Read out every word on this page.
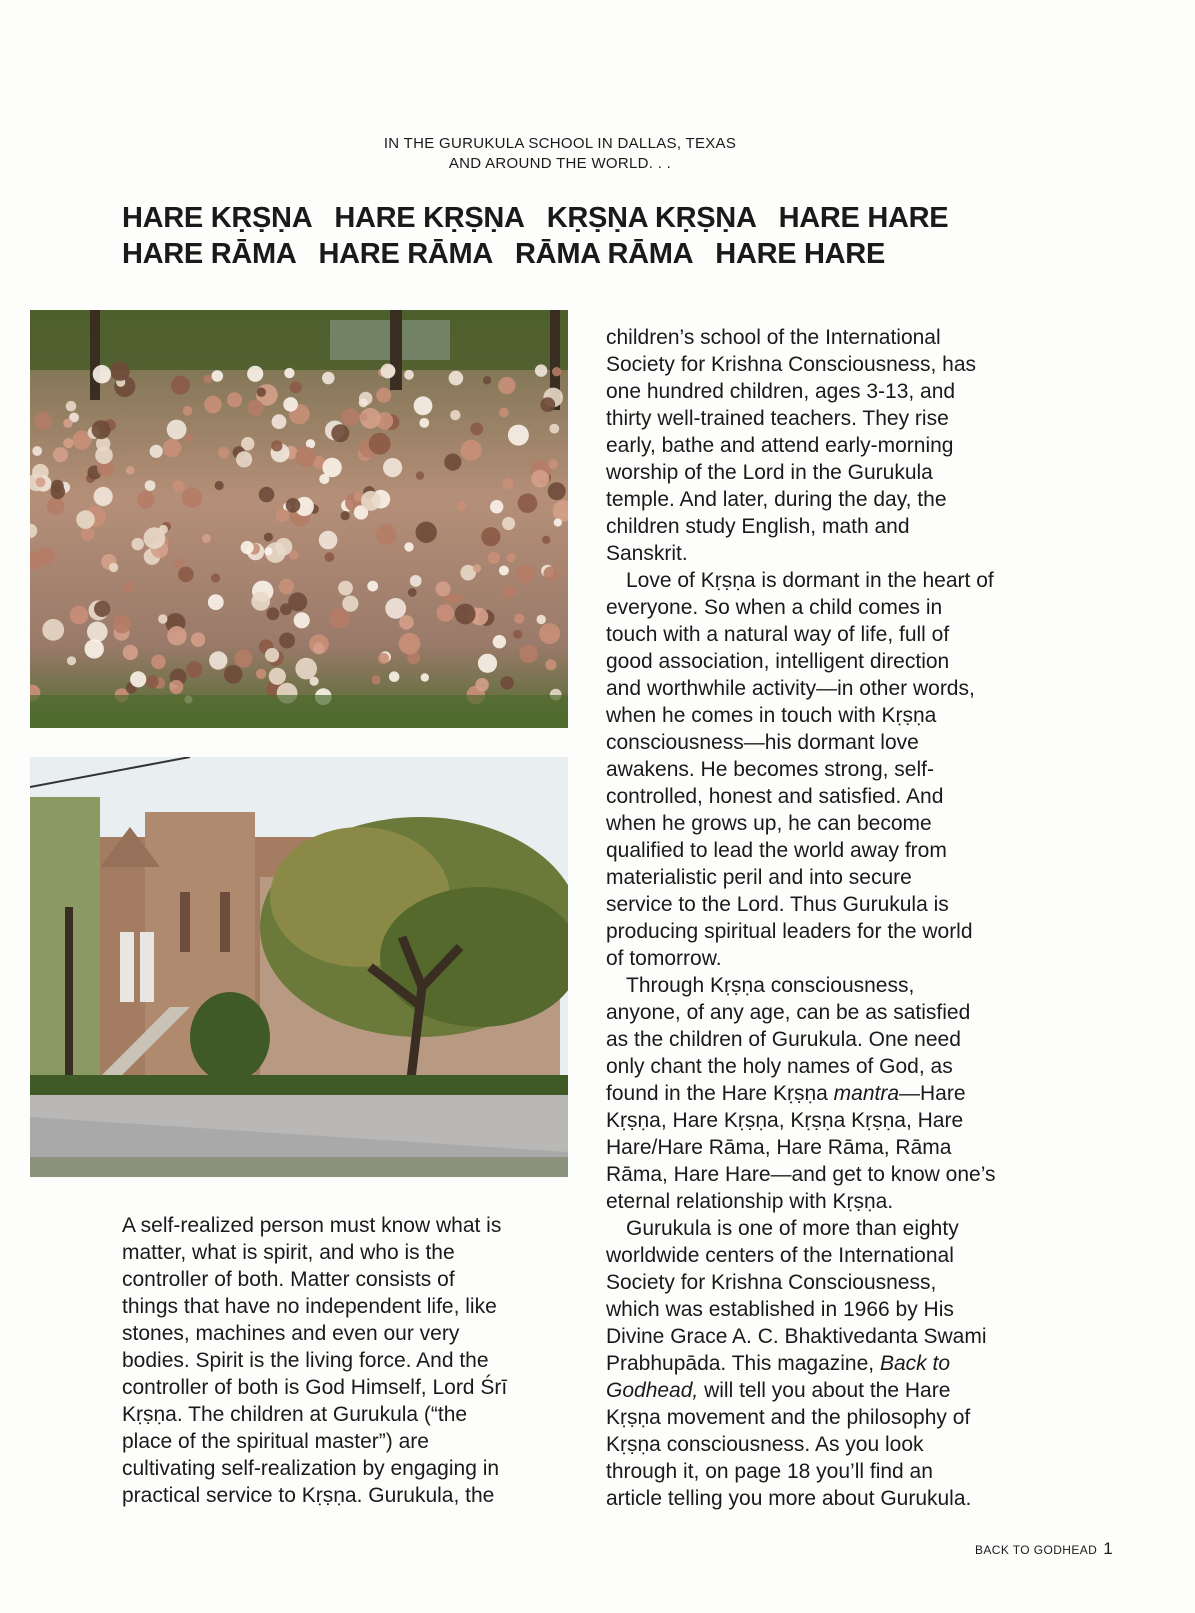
IN THE GURUKULA SCHOOL IN DALLAS, TEXAS
AND AROUND THE WORLD. . .
HARE KṚṢṆA HARE KṚṢṆA KṚṢṆA KṚṢṆA HARE HARE
HARE RĀMA HARE RĀMA RĀMA RĀMA HARE HARE

A self-realized person must know what is
matter, what is spirit, and who is the
controller of both. Matter consists of
things that have no independent life, like
stones, machines and even our very
bodies. Spirit is the living force. And the
controller of both is God Himself, Lord Śrī
Kṛṣṇa. The children at Gurukula (“the
place of the spiritual master”) are
cultivating self-realization by engaging in
practical service to Kṛṣṇa. Gurukula, the

children’s school of the International
Society for Krishna Consciousness, has
one hundred children, ages 3-13, and
thirty well-trained teachers. They rise
early, bathe and attend early-morning
worship of the Lord in the Gurukula
temple. And later, during the day, the
children study English, math and
Sanskrit.

Love of Kṛṣṇa is dormant in the heart of
everyone. So when a child comes in
touch with a natural way of life, full of
good association, intelligent direction
and worthwhile activity—in other words,
when he comes in touch with Kṛṣṇa
consciousness—his dormant love
awakens. He becomes strong, self-
controlled, honest and satisfied. And
when he grows up, he can become
qualified to lead the world away from
materialistic peril and into secure
service to the Lord. Thus Gurukula is
producing spiritual leaders for the world
of tomorrow.

Through Kṛṣṇa consciousness,
anyone, of any age, can be as satisfied
as the children of Gurukula. One need
only chant the holy names of God, as
found in the Hare Kṛṣṇa mantra—Hare
Kṛṣṇa, Hare Kṛṣṇa, Kṛṣṇa Kṛṣṇa, Hare
Hare/Hare Rāma, Hare Rāma, Rāma
Rāma, Hare Hare—and get to know one’s
eternal relationship with Kṛṣṇa.

Gurukula is one of more than eighty
worldwide centers of the International
Society for Krishna Consciousness,
which was established in 1966 by His
Divine Grace A. C. Bhaktivedanta Swami
Prabhupāda. This magazine, Back to
Godhead, will tell you about the Hare
Kṛṣṇa movement and the philosophy of
Kṛṣṇa consciousness. As you look
through it, on page 18 you’ll find an
article telling you more about Gurukula.

BACK TO GODHEAD 1
